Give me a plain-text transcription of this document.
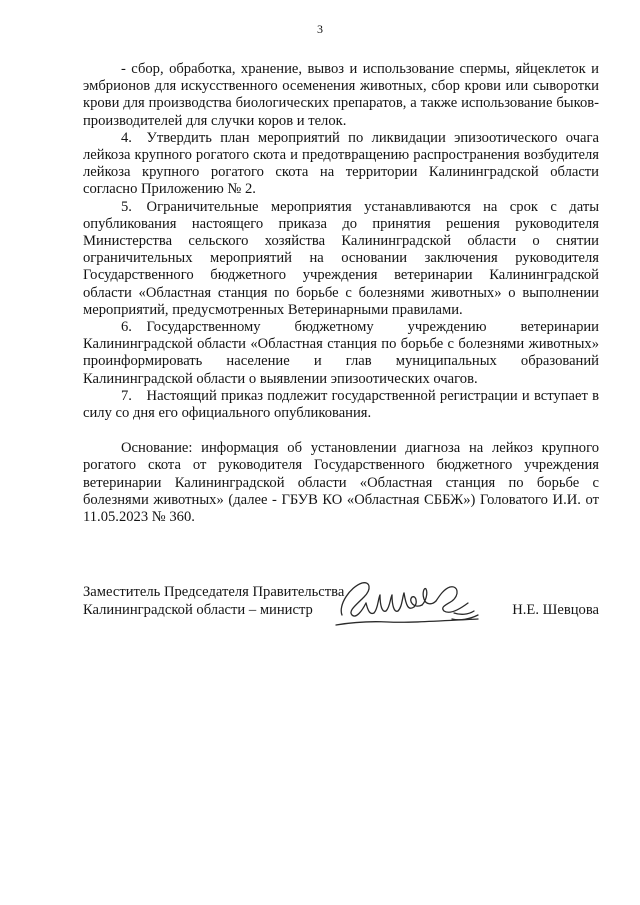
3

- сбор, обработка, хранение, вывоз и использование спермы, яйцеклеток и эмбрионов для искусственного осеменения животных, сбор крови или сыворотки крови для производства биологических препаратов, а также использование быков-производителей для случки коров и телок.

4. Утвердить план мероприятий по ликвидации эпизоотического очага лейкоза крупного рогатого скота и предотвращению распространения возбудителя лейкоза крупного рогатого скота на территории Калининградской области согласно Приложению № 2.

5. Ограничительные мероприятия устанавливаются на срок с даты опубликования настоящего приказа до принятия решения руководителя Министерства сельского хозяйства Калининградской области о снятии ограничительных мероприятий на основании заключения руководителя Государственного бюджетного учреждения ветеринарии Калининградской области «Областная станция по борьбе с болезнями животных» о выполнении мероприятий, предусмотренных Ветеринарными правилами.

6. Государственному бюджетному учреждению ветеринарии Калининградской области «Областная станция по борьбе с болезнями животных» проинформировать население и глав муниципальных образований Калининградской области о выявлении эпизоотических очагов.

7. Настоящий приказ подлежит государственной регистрации и вступает в силу со дня его официального опубликования.

Основание: информация об установлении диагноза на лейкоз крупного рогатого скота от руководителя Государственного бюджетного учреждения ветеринарии Калининградской области «Областная станция по борьбе с болезнями животных» (далее - ГБУВ КО «Областная СББЖ») Головатого И.И. от 11.05.2023 № 360.

Заместитель Председателя Правительства
Калининградской области – министр	Н.Е. Шевцова
